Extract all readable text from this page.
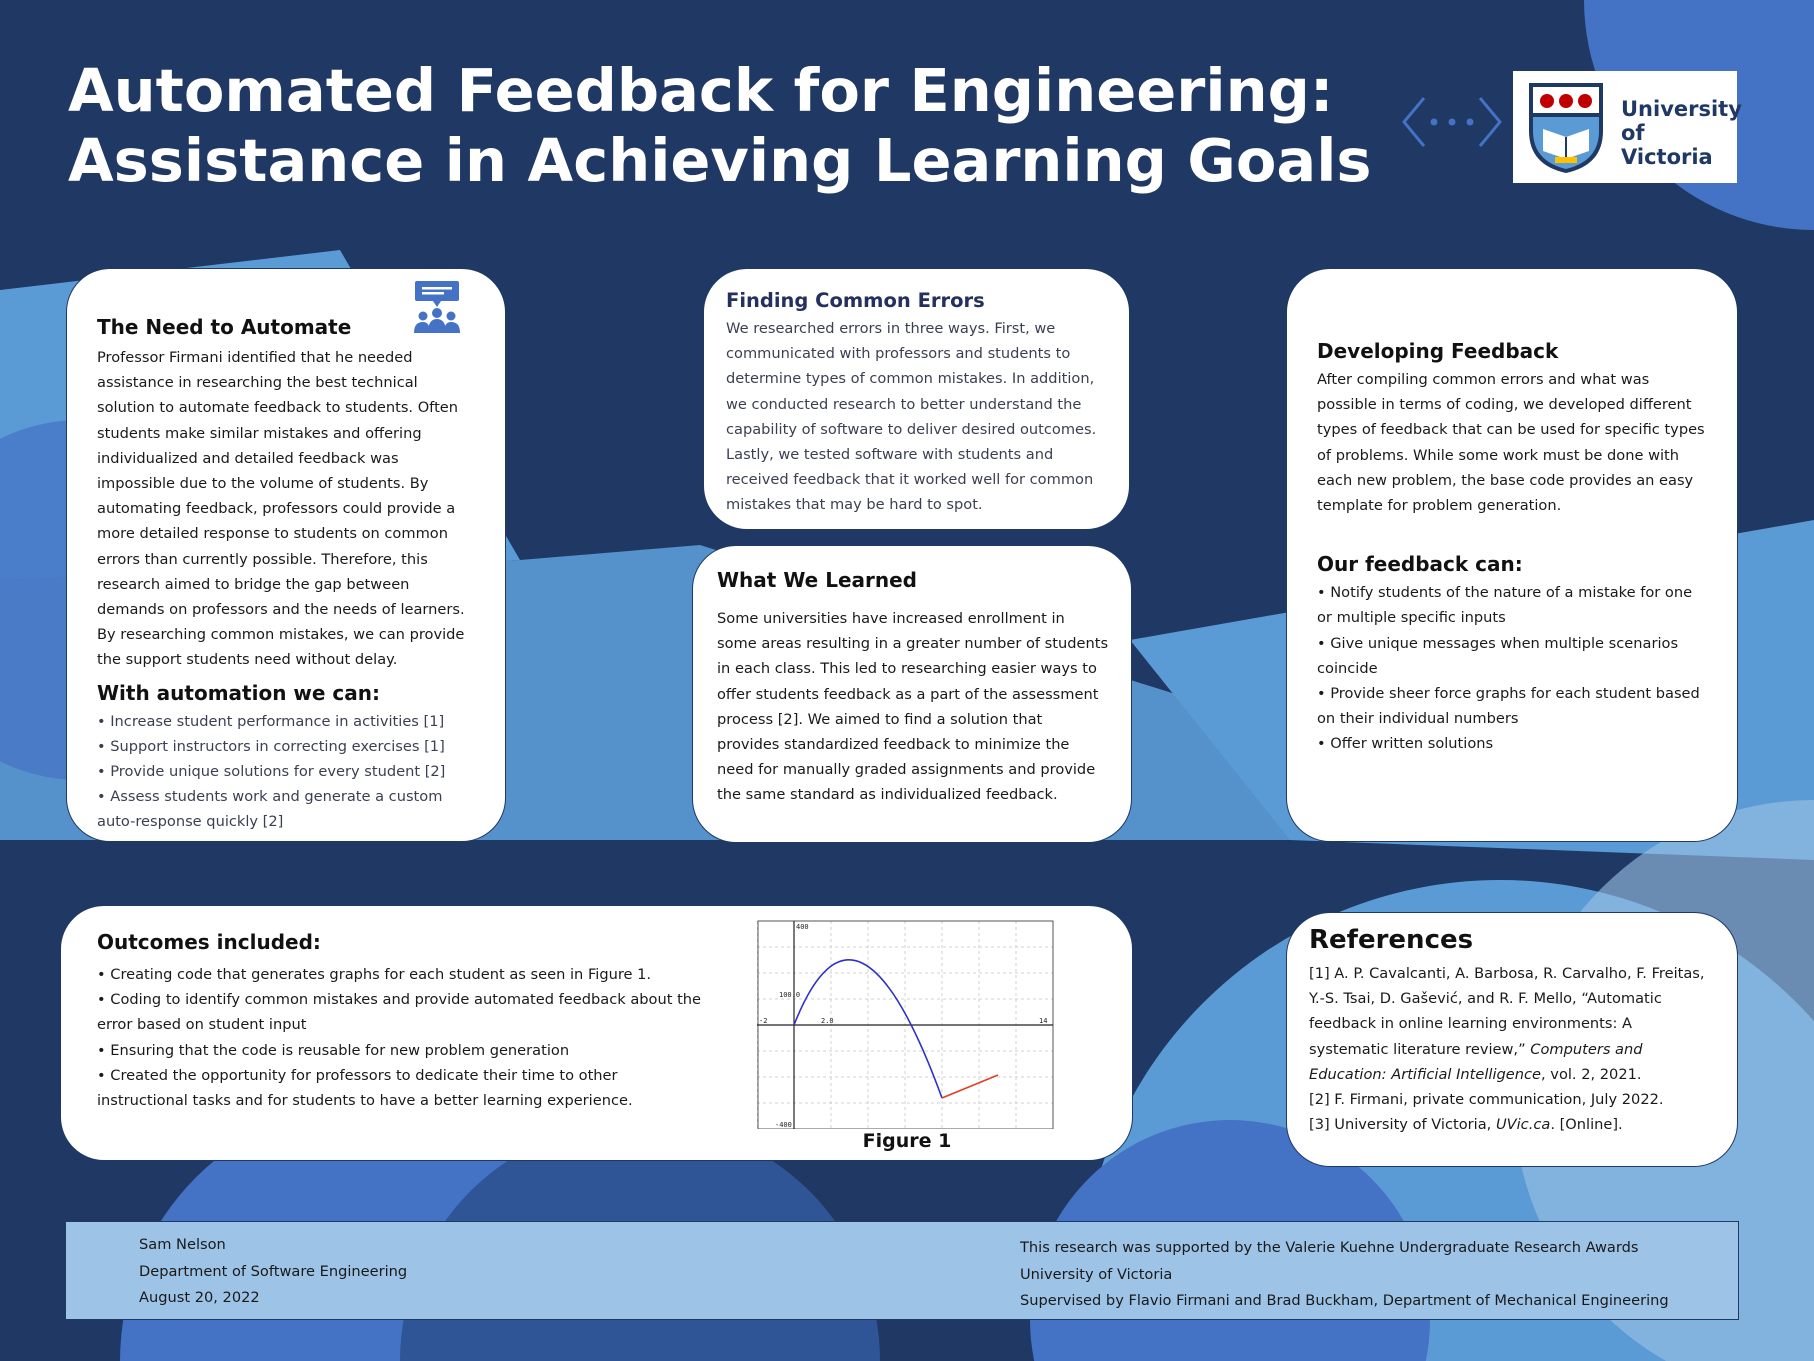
Automated Feedback for Engineering:
Assistance in Achieving Learning Goals
University
of Victoria
The Need to Automate

Professor Firmani identified that he needed assistance in researching the best technical solution to automate feedback to students. Often students make similar mistakes and offering individualized and detailed feedback was impossible due to the volume of students. By automating feedback, professors could provide a more detailed response to students on common errors than currently possible. Therefore, this research aimed to bridge the gap between demands on professors and the needs of learners. By researching common mistakes, we can provide the support students need without delay.

With automation we can:
• Increase student performance in activities [1]
• Support instructors in correcting exercises [1]
• Provide unique solutions for every student [2]
• Assess students work and generate a custom auto-response quickly [2]
Finding Common Errors

We researched errors in three ways. First, we communicated with professors and students to determine types of common mistakes. In addition, we conducted research to better understand the capability of software to deliver desired outcomes. Lastly, we tested software with students and received feedback that it worked well for common mistakes that may be hard to spot.

What We Learned

Some universities have increased enrollment in some areas resulting in a greater number of students in each class. This led to researching easier ways to offer students feedback as a part of the assessment process [2]. We aimed to find a solution that provides standardized feedback to minimize the need for manually graded assignments and provide the same standard as individualized feedback.

Developing Feedback

After compiling common errors and what was possible in terms of coding, we developed different types of feedback that can be used for specific types of problems. While some work must be done with each new problem, the base code provides an easy template for problem generation.

Our feedback can:
• Notify students of the nature of a mistake for one or multiple specific inputs
• Give unique messages when multiple scenarios coincide
• Provide sheer force graphs for each student based on their individual numbers
• Offer written solutions
Outcomes included:
• Creating code that generates graphs for each student as seen in Figure 1.
• Coding to identify common mistakes and provide automated feedback about the error based on student input
• Ensuring that the code is reusable for new problem generation
• Created the opportunity for professors to dedicate their time to other instructional tasks and for students to have a better learning experience.
400
100.0
-400
-2	2.0	14
Figure 1
References

[1] A. P. Cavalcanti, A. Barbosa, R. Carvalho, F. Freitas, Y.-S. Tsai, D. Gašević, and R. F. Mello, “Automatic feedback in online learning environments: A systematic literature review,” Computers and Education: Artificial Intelligence, vol. 2, 2021.

[2] F. Firmani, private communication, July 2022.

[3] University of Victoria, UVic.ca. [Online].

Sam Nelson
Department of Software Engineering
August 20, 2022
This research was supported by the Valerie Kuehne Undergraduate Research Awards
University of Victoria
Supervised by Flavio Firmani and Brad Buckham, Department of Mechanical Engineering
